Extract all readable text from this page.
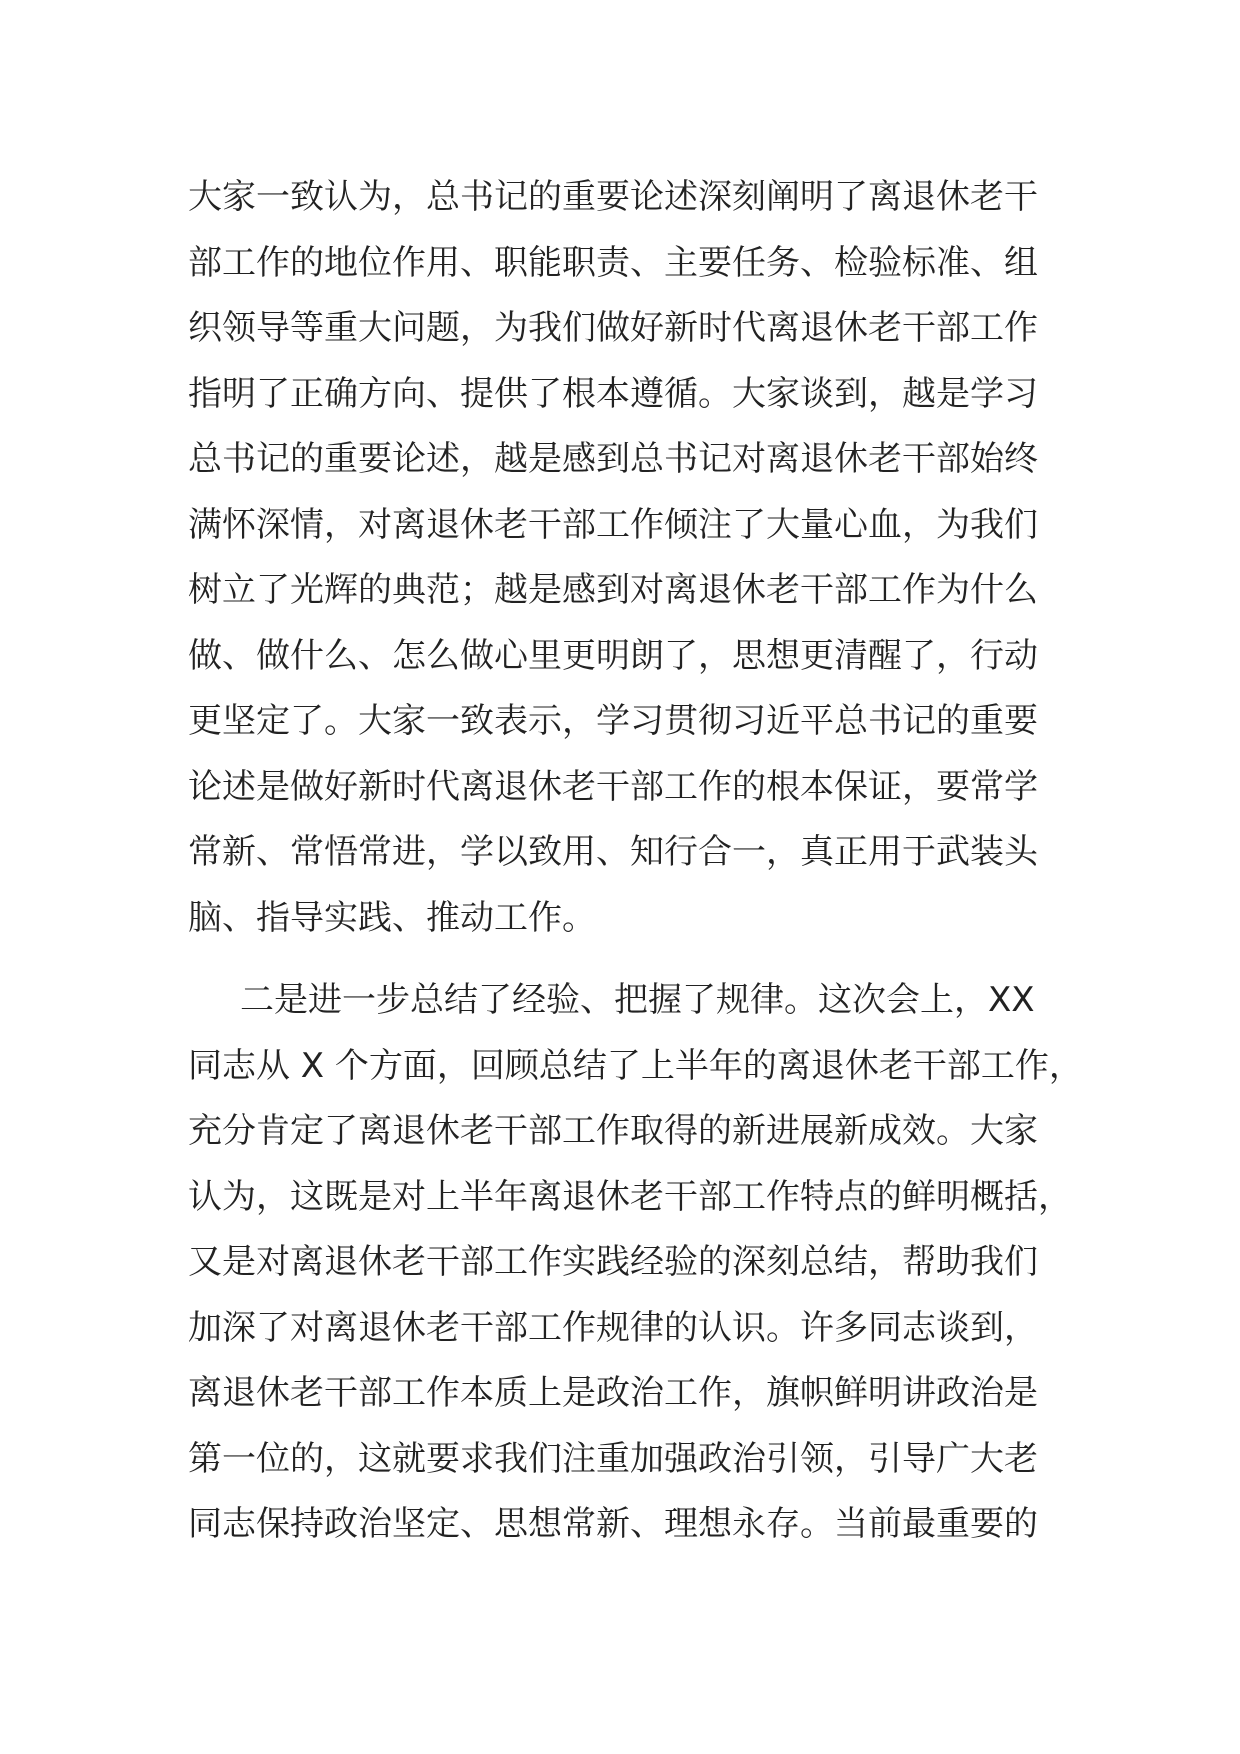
大家一致认为，总书记的重要论述深刻阐明了离退休老干
部工作的地位作用、职能职责、主要任务、检验标准、组
织领导等重大问题，为我们做好新时代离退休老干部工作
指明了正确方向、提供了根本遵循。大家谈到，越是学习
总书记的重要论述，越是感到总书记对离退休老干部始终
满怀深情，对离退休老干部工作倾注了大量心血，为我们
树立了光辉的典范；越是感到对离退休老干部工作为什么
做、做什么、怎么做心里更明朗了，思想更清醒了，行动
更坚定了。大家一致表示，学习贯彻习近平总书记的重要
论述是做好新时代离退休老干部工作的根本保证，要常学
常新、常悟常进，学以致用、知行合一，真正用于武装头
脑、指导实践、推动工作。
二是进一步总结了经验、把握了规律。这次会上，XX
同志从 X 个方面，回顾总结了上半年的离退休老干部工作，
充分肯定了离退休老干部工作取得的新进展新成效。大家
认为，这既是对上半年离退休老干部工作特点的鲜明概括，
又是对离退休老干部工作实践经验的深刻总结，帮助我们
加深了对离退休老干部工作规律的认识。许多同志谈到，
离退休老干部工作本质上是政治工作，旗帜鲜明讲政治是
第一位的，这就要求我们注重加强政治引领，引导广大老
同志保持政治坚定、思想常新、理想永存。当前最重要的
